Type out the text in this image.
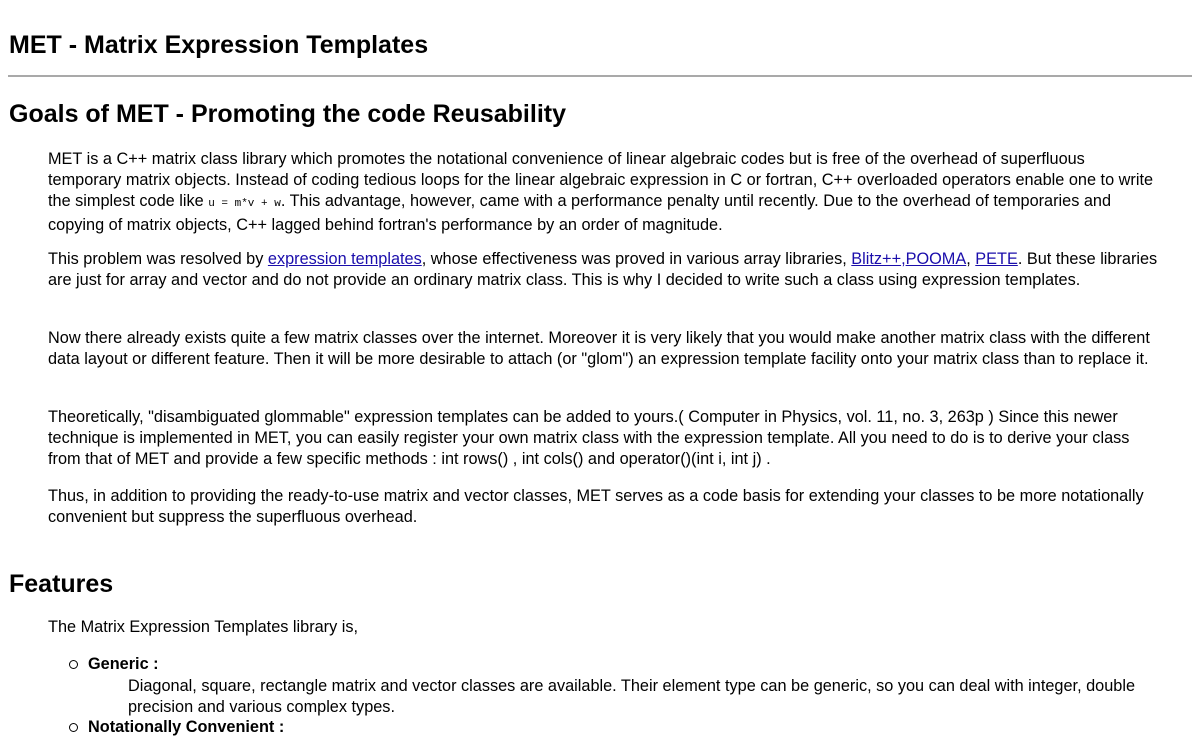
MET - Matrix Expression Templates
Goals of MET - Promoting the code Reusability

MET is a C++ matrix class library which promotes the notational convenience of linear algebraic codes but is free of the overhead of superfluous temporary matrix objects. Instead of coding tedious loops for the linear algebraic expression in C or fortran, C++ overloaded operators enable one to write the simplest code like u = m*v + w. This advantage, however, came with a performance penalty until recently. Due to the overhead of temporaries and copying of matrix objects, C++ lagged behind fortran's performance by an order of magnitude.

This problem was resolved by expression templates, whose effectiveness was proved in various array libraries, Blitz++,POOMA, PETE. But these libraries are just for array and vector and do not provide an ordinary matrix class. This is why I decided to write such a class using expression templates.

Now there already exists quite a few matrix classes over the internet. Moreover it is very likely that you would make another matrix class with the different data layout or different feature. Then it will be more desirable to attach (or "glom") an expression template facility onto your matrix class than to replace it.

Theoretically, "disambiguated glommable" expression templates can be added to yours.( Computer in Physics, vol. 11, no. 3, 263p ) Since this newer technique is implemented in MET, you can easily register your own matrix class with the expression template. All you need to do is to derive your class from that of MET and provide a few specific methods : int rows() , int cols() and operator()(int i, int j) .

Thus, in addition to providing the ready-to-use matrix and vector classes, MET serves as a code basis for extending your classes to be more notationally convenient but suppress the superfluous overhead.

Features

The Matrix Expression Templates library is,

Generic :

Diagonal, square, rectangle matrix and vector classes are available. Their element type can be generic, so you can deal with integer, double precision and various complex types.

Notationally Convenient :
